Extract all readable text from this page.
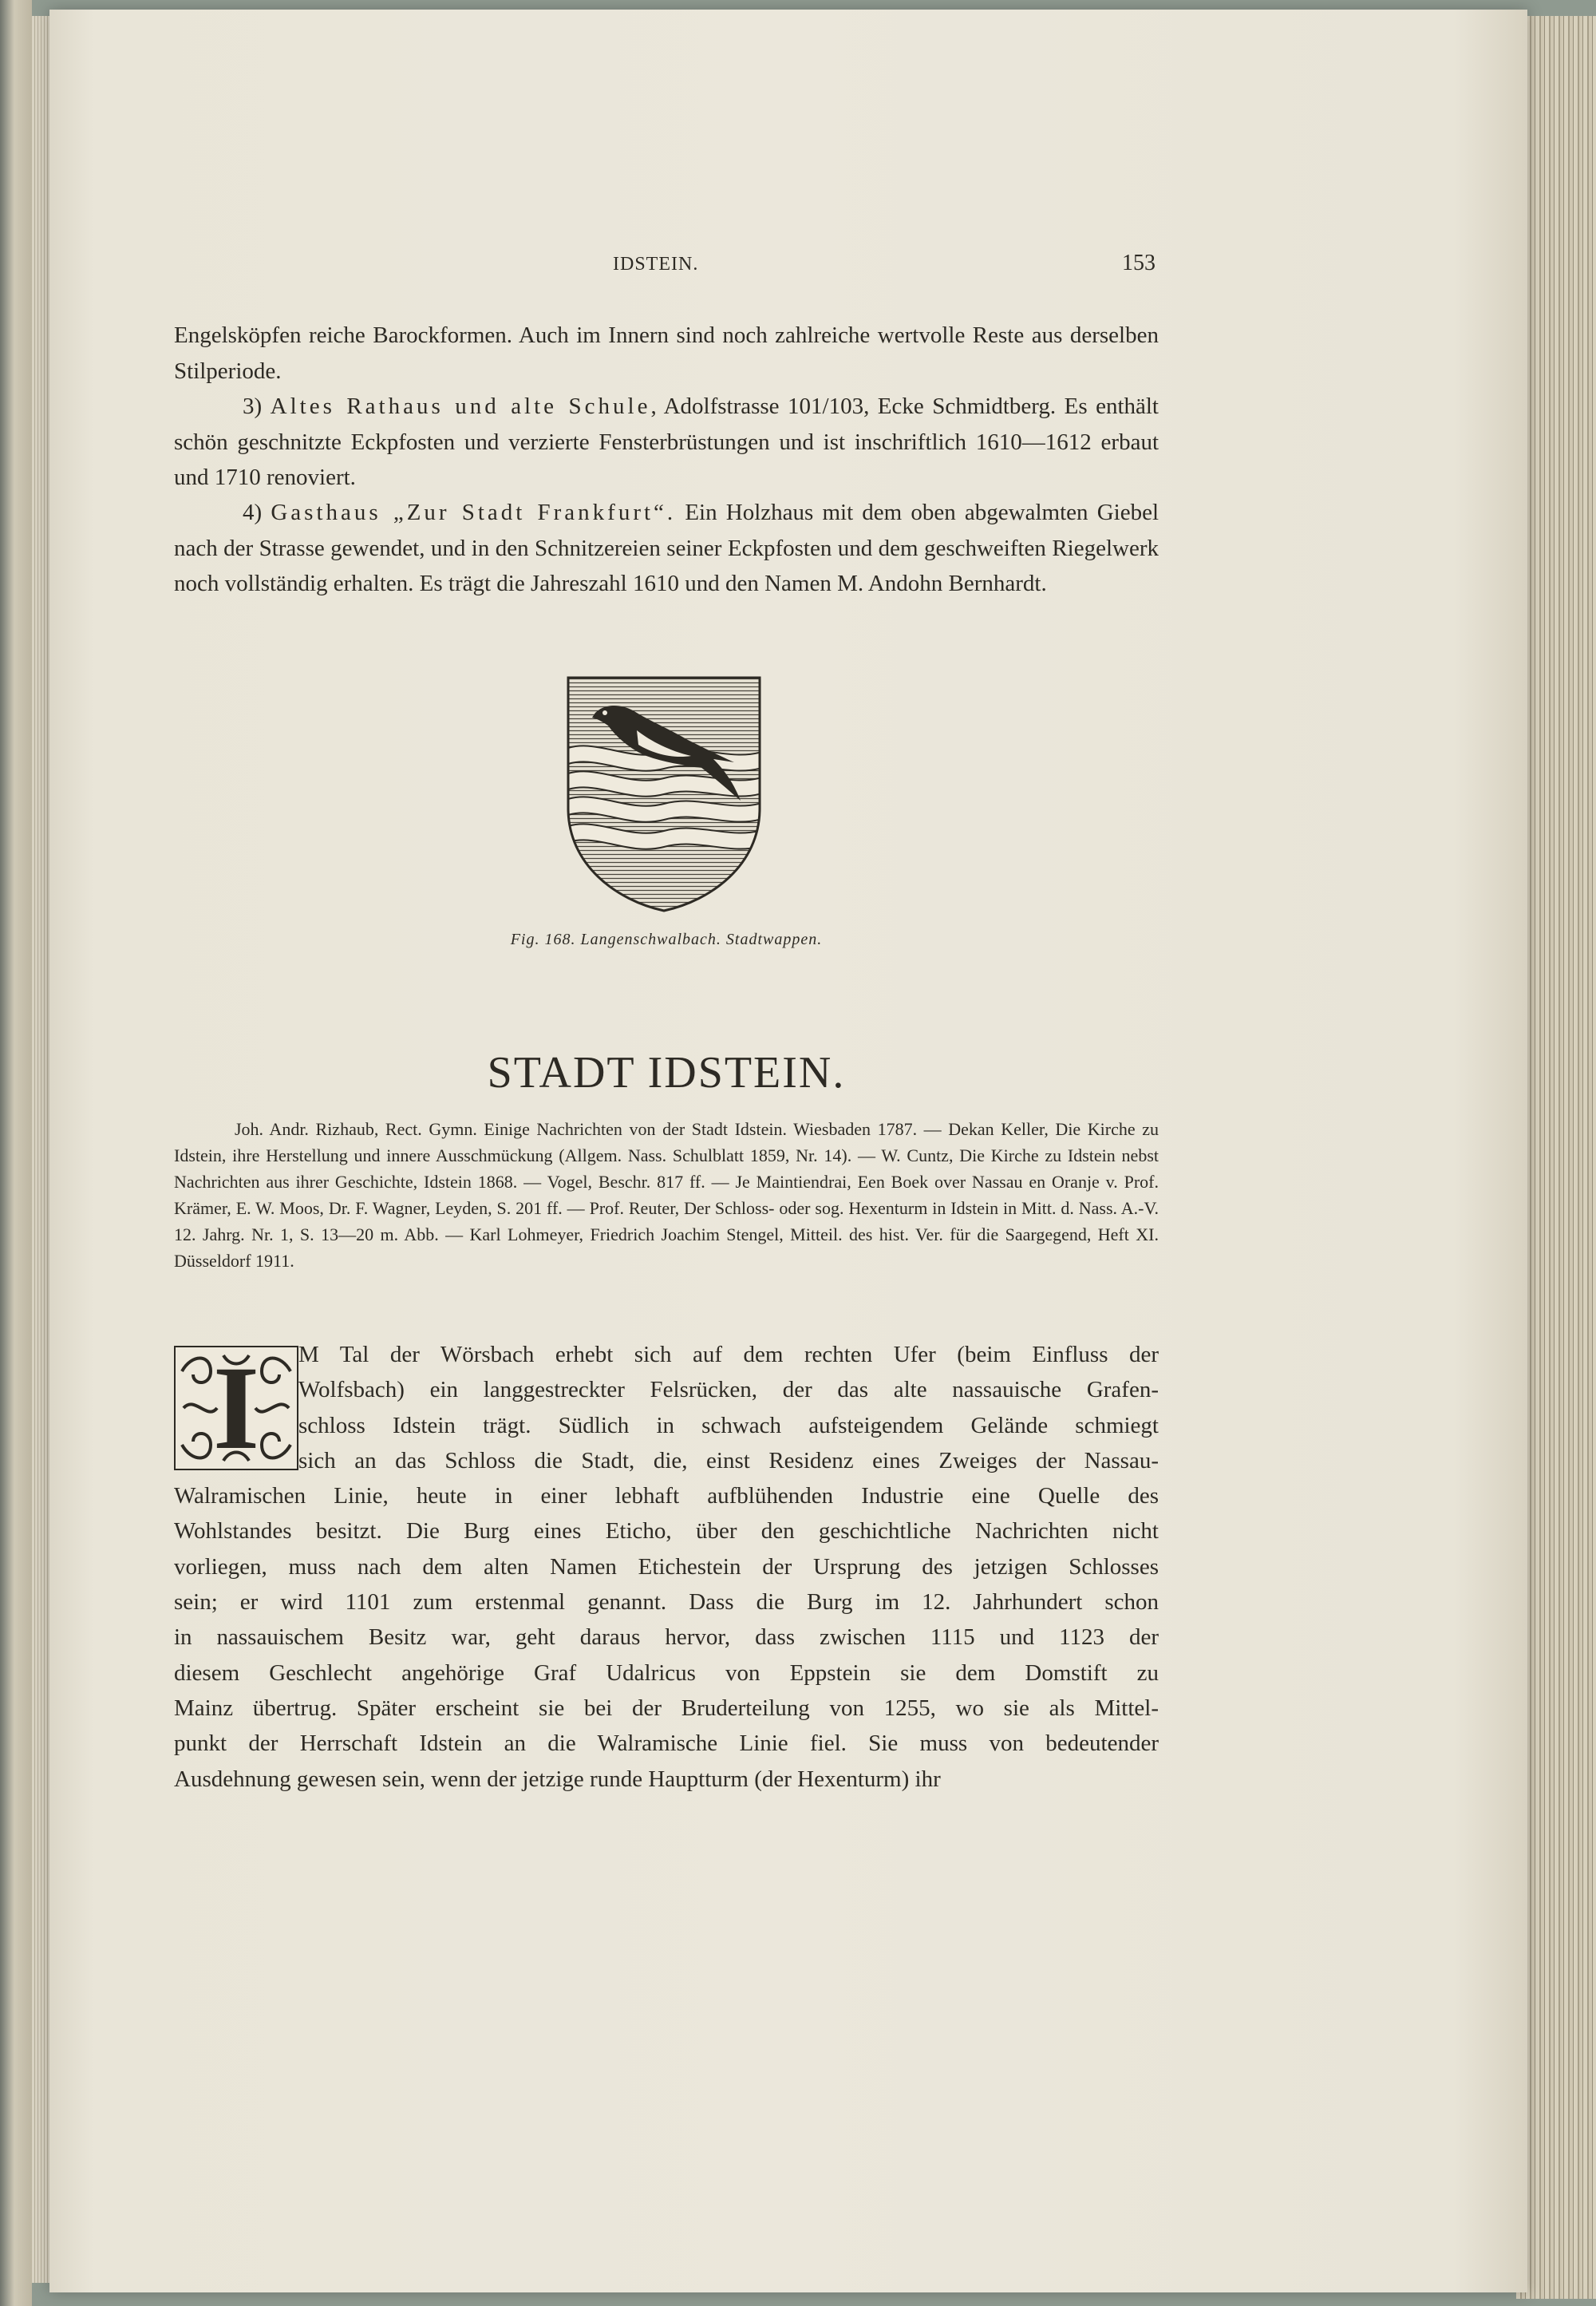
IDSTEIN.	153

Engelsköpfen reiche Barockformen. Auch im Innern sind noch zahlreiche wertvolle Reste aus derselben Stilperiode.

3) Altes Rathaus und alte Schule, Adolfstrasse 101/103, Ecke Schmidtberg. Es enthält schön geschnitzte Eckpfosten und verzierte Fensterbrüstungen und ist inschriftlich 1610—1612 erbaut und 1710 renoviert.

4) Gasthaus „Zur Stadt Frankfurt“. Ein Holzhaus mit dem oben abgewalmten Giebel nach der Strasse gewendet, und in den Schnitzereien seiner Eckpfosten und dem geschweiften Riegelwerk noch vollständig erhalten. Es trägt die Jahreszahl 1610 und den Namen M. Andohn Bernhardt.

Fig. 168. Langenschwalbach. Stadtwappen.
STADT IDSTEIN.

Joh. Andr. Rizhaub, Rect. Gymn. Einige Nachrichten von der Stadt Idstein. Wiesbaden 1787. — Dekan Keller, Die Kirche zu Idstein, ihre Herstellung und innere Ausschmückung (Allgem. Nass. Schulblatt 1859, Nr. 14). — W. Cuntz, Die Kirche zu Idstein nebst Nachrichten aus ihrer Geschichte, Idstein 1868. — Vogel, Beschr. 817 ff. — Je Maintiendrai, Een Boek over Nassau en Oranje v. Prof. Krämer, E. W. Moos, Dr. F. Wagner, Leyden, S. 201 ff. — Prof. Reuter, Der Schloss- oder sog. Hexenturm in Idstein in Mitt. d. Nass. A.-V. 12. Jahrg. Nr. 1, S. 13—20 m. Abb. — Karl Lohmeyer, Friedrich Joachim Stengel, Mitteil. des hist. Ver. für die Saargegend, Heft XI. Düsseldorf 1911.

I	M Tal der Wörsbach erhebt sich auf dem rechten Ufer (beim Einfluss der
Wolfsbach) ein langgestreckter Felsrücken, der das alte nassauische Grafen-
schloss Idstein trägt. Südlich in schwach aufsteigendem Gelände schmiegt
sich an das Schloss die Stadt, die, einst Residenz eines Zweiges der Nassau-
Walramischen Linie, heute in einer lebhaft aufblühenden Industrie eine Quelle des
Wohlstandes besitzt. Die Burg eines Eticho, über den geschichtliche Nachrichten nicht
vorliegen, muss nach dem alten Namen Etichestein der Ursprung des jetzigen Schlosses
sein; er wird 1101 zum erstenmal genannt. Dass die Burg im 12. Jahrhundert schon
in nassauischem Besitz war, geht daraus hervor, dass zwischen 1115 und 1123 der
diesem Geschlecht angehörige Graf Udalricus von Eppstein sie dem Domstift zu
Mainz übertrug. Später erscheint sie bei der Bruderteilung von 1255, wo sie als Mittel-
punkt der Herrschaft Idstein an die Walramische Linie fiel. Sie muss von bedeutender
Ausdehnung gewesen sein, wenn der jetzige runde Hauptturm (der Hexenturm) ihr
